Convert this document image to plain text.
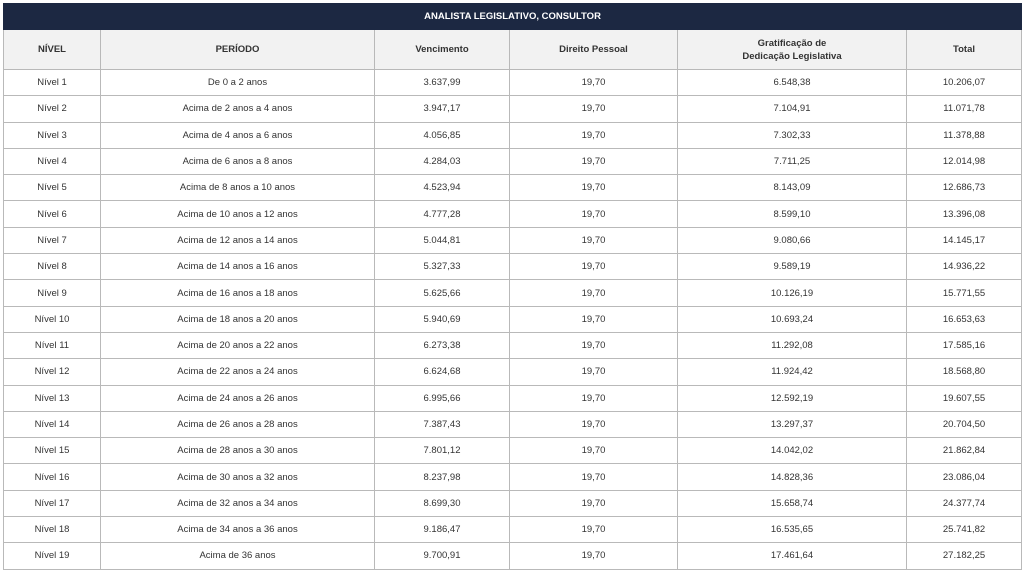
ANALISTA LEGISLATIVO, CONSULTOR					
NÍVEL	PERÍODO	Vencimento	Direito Pessoal	Gratificação de
Dedicação Legislativa	Total
Nível 1	De 0 a 2 anos	3.637,99	19,70	6.548,38	10.206,07
Nível 2	Acima de 2 anos a 4 anos	3.947,17	19,70	7.104,91	11.071,78
Nível 3	Acima de 4 anos a 6 anos	4.056,85	19,70	7.302,33	11.378,88
Nível 4	Acima de 6 anos a 8 anos	4.284,03	19,70	7.711,25	12.014,98
Nível 5	Acima de 8 anos a 10 anos	4.523,94	19,70	8.143,09	12.686,73
Nível 6	Acima de 10 anos a 12 anos	4.777,28	19,70	8.599,10	13.396,08
Nível 7	Acima de 12 anos a 14 anos	5.044,81	19,70	9.080,66	14.145,17
Nível 8	Acima de 14 anos a 16 anos	5.327,33	19,70	9.589,19	14.936,22
Nível 9	Acima de 16 anos a 18 anos	5.625,66	19,70	10.126,19	15.771,55
Nível 10	Acima de 18 anos a 20 anos	5.940,69	19,70	10.693,24	16.653,63
Nível 11	Acima de 20 anos a 22 anos	6.273,38	19,70	11.292,08	17.585,16
Nível 12	Acima de 22 anos a 24 anos	6.624,68	19,70	11.924,42	18.568,80
Nível 13	Acima de 24 anos a 26 anos	6.995,66	19,70	12.592,19	19.607,55
Nível 14	Acima de 26 anos a 28 anos	7.387,43	19,70	13.297,37	20.704,50
Nível 15	Acima de 28 anos a 30 anos	7.801,12	19,70	14.042,02	21.862,84
Nível 16	Acima de 30 anos a 32 anos	8.237,98	19,70	14.828,36	23.086,04
Nível 17	Acima de 32 anos a 34 anos	8.699,30	19,70	15.658,74	24.377,74
Nível 18	Acima de 34 anos a 36 anos	9.186,47	19,70	16.535,65	25.741,82
Nível 19	Acima de 36 anos	9.700,91	19,70	17.461,64	27.182,25
